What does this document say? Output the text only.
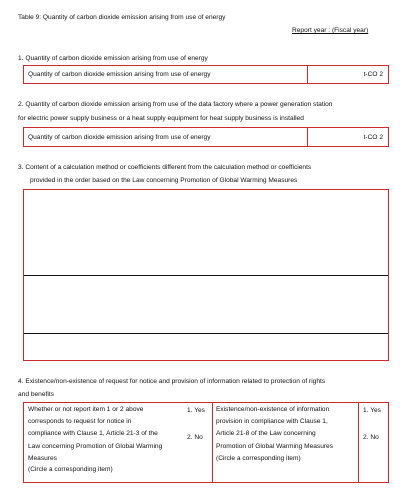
Table 9: Quantity of carbon dioxide emission arising from use of energy
Report year : (Fiscal year)
1. Quantity of carbon dioxide emission arising from use of energy
Quantity of carbon dioxide emission arising from use of energy	t-CO 2
2. Quantity of carbon dioxide emission arising from use of the data factory where a power generation station
for electric power supply business or a heat supply equipment for heat supply business is installed
Quantity of carbon dioxide emission arising from use of energy	t-CO 2
3. Content of a calculation method or coefficients different from the calculation method or coefficients
provided in the order based on the Law concerning Promotion of Global Warming Measures
4. Existence/non-existence of request for notice and provision of information related to protection of rights
and benefits
Whether or not report item 1 or 2 above
corresponds to request for notice in
compliance with Clause 1, Article 21-3 of the
Law concerning Promotion of Global Warming
Measures
(Circle a corresponding item)
1. Yes
2. No
Existence/non-existence of information
provision in compliance with Clause 1,
Article 21-8 of the Law concerning
Promotion of Global Warming Measures
(Circle a corresponding item)
1. Yes
2. No
